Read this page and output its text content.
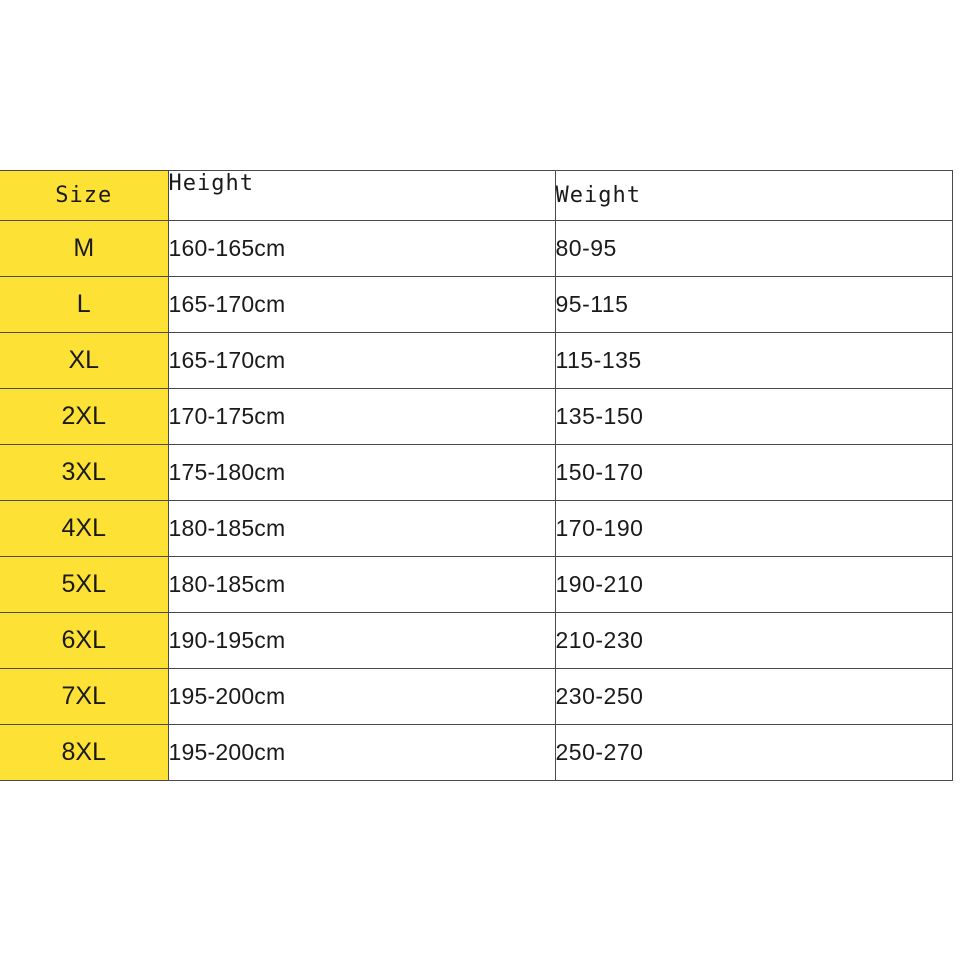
Size	Height	Weight
M	160-165cm	80-95
L	165-170cm	95-115
XL	165-170cm	115-135
2XL	170-175cm	135-150
3XL	175-180cm	150-170
4XL	180-185cm	170-190
5XL	180-185cm	190-210
6XL	190-195cm	210-230
7XL	195-200cm	230-250
8XL	195-200cm	250-270
